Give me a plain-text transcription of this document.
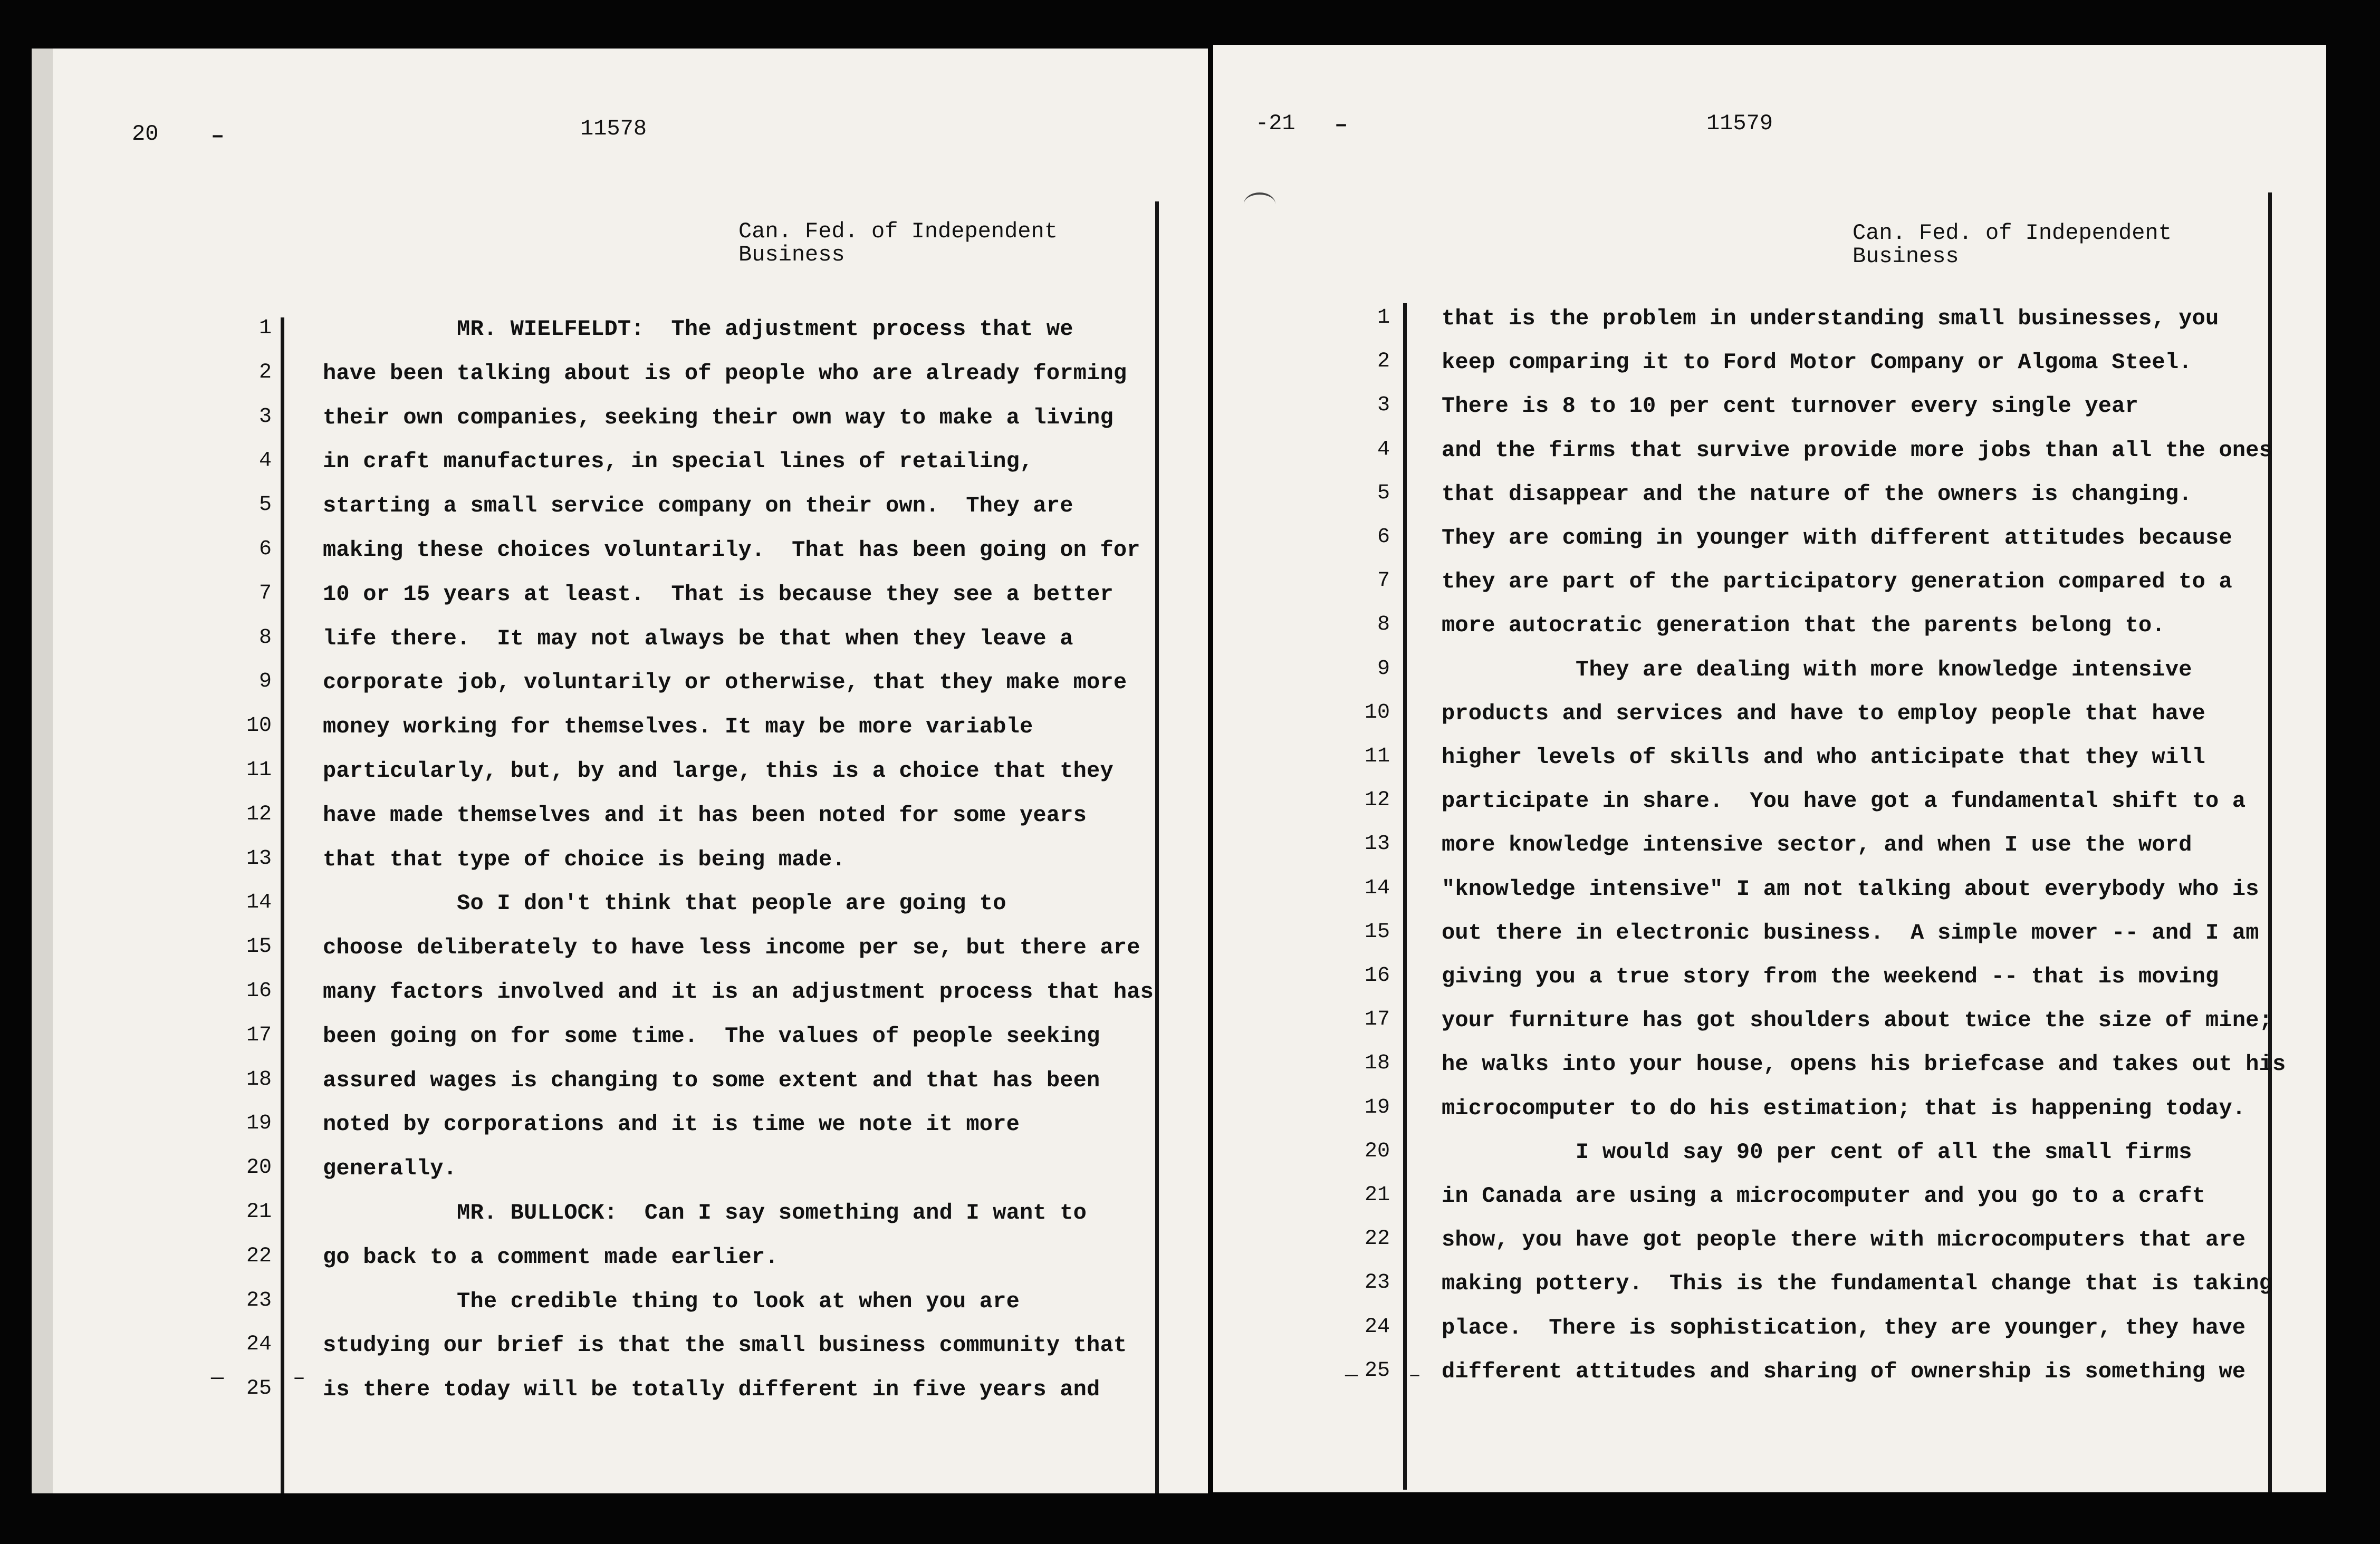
20 –	11578
Can. Fed. of Independent
Business
1 MR. WIELFELDT:  The adjustment process that we
2 have been talking about is of people who are already forming
3 their own companies, seeking their own way to make a living
4 in craft manufactures, in special lines of retailing,
5 starting a small service company on their own.  They are
6 making these choices voluntarily.  That has been going on for
7 10 or 15 years at least.  That is because they see a better
8 life there.  It may not always be that when they leave a
9 corporate job, voluntarily or otherwise, that they make more
10 money working for themselves. It may be more variable
11 particularly, but, by and large, this is a choice that they
12 have made themselves and it has been noted for some years
13 that that type of choice is being made.
14 So I don't think that people are going to
15 choose deliberately to have less income per se, but there are
16 many factors involved and it is an adjustment process that has
17 been going on for some time.  The values of people seeking
18 assured wages is changing to some extent and that has been
19 noted by corporations and it is time we note it more
20 generally.
21 MR. BULLOCK:  Can I say something and I want to
22 go back to a comment made earlier.
23 The credible thing to look at when you are
24 studying our brief is that the small business community that
25 is there today will be totally different in five years and
—	–
-21 –	11579
Can. Fed. of Independent
Business
1 that is the problem in understanding small businesses, you
2 keep comparing it to Ford Motor Company or Algoma Steel.
3 There is 8 to 10 per cent turnover every single year
4 and the firms that survive provide more jobs than all the ones
5 that disappear and the nature of the owners is changing.
6 They are coming in younger with different attitudes because
7 they are part of the participatory generation compared to a
8 more autocratic generation that the parents belong to.
9 They are dealing with more knowledge intensive
10 products and services and have to employ people that have
11 higher levels of skills and who anticipate that they will
12 participate in share.  You have got a fundamental shift to a
13 more knowledge intensive sector, and when I use the word
14 "knowledge intensive" I am not talking about everybody who is
15 out there in electronic business.  A simple mover -- and I am
16 giving you a true story from the weekend -- that is moving
17 your furniture has got shoulders about twice the size of mine;
18 he walks into your house, opens his briefcase and takes out his
19 microcomputer to do his estimation; that is happening today.
20 I would say 90 per cent of all the small firms
21 in Canada are using a microcomputer and you go to a craft
22 show, you have got people there with microcomputers that are
23 making pottery.  This is the fundamental change that is taking
24 place.  There is sophistication, they are younger, they have
25 different attitudes and sharing of ownership is something we
— –
